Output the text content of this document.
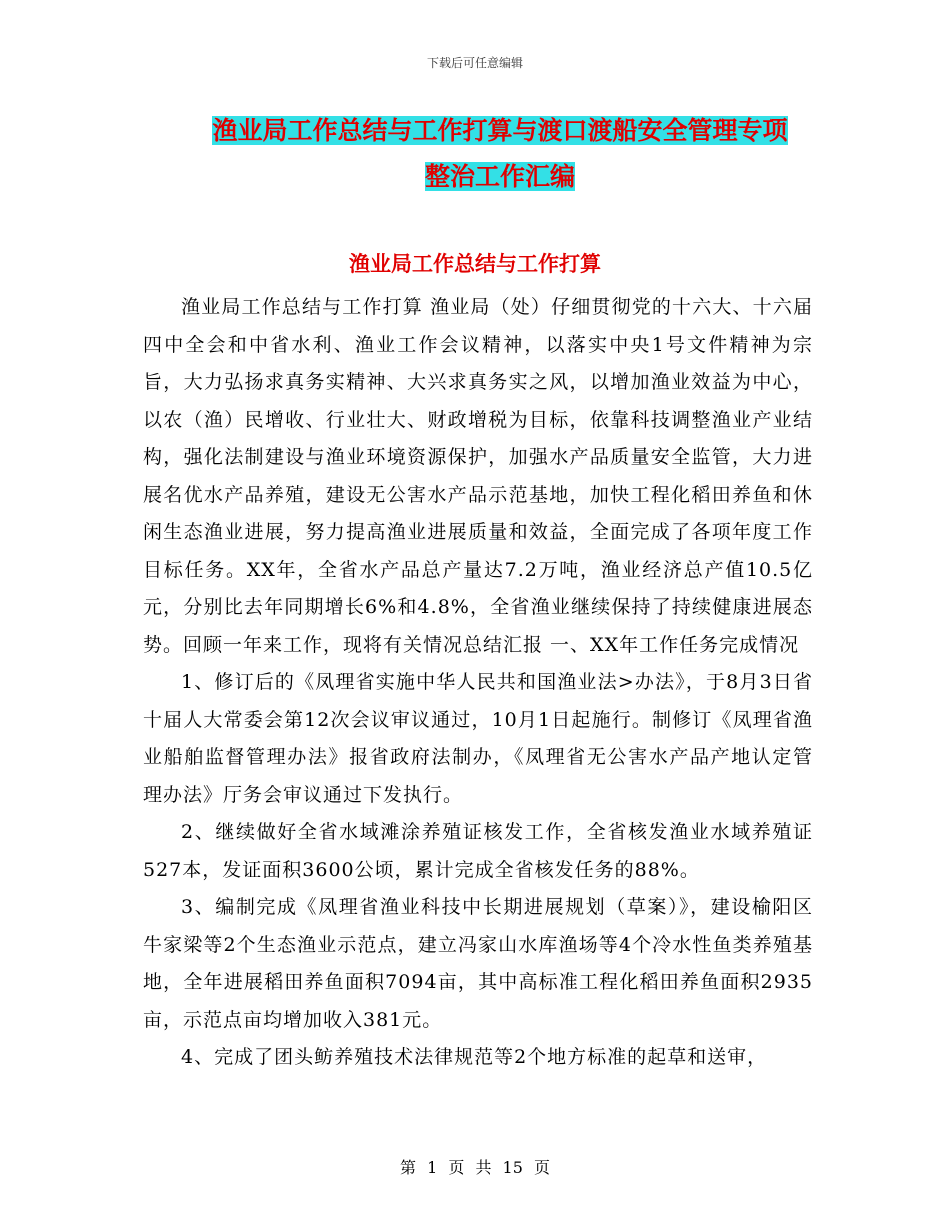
下载后可任意编辑
渔业局工作总结与工作打算与渡口渡船安全管理专项
整治工作汇编
渔业局工作总结与工作打算

渔业局工作总结与工作打算 渔业局（处）仔细贯彻党的十六大、十六届四中全会和中省水利、渔业工作会议精神，以落实中央1号文件精神为宗旨，大力弘扬求真务实精神、大兴求真务实之风，以增加渔业效益为中心，以农（渔）民增收、行业壮大、财政增税为目标，依靠科技调整渔业产业结构，强化法制建设与渔业环境资源保护，加强水产品质量安全监管，大力进展名优水产品养殖，建设无公害水产品示范基地，加快工程化稻田养鱼和休闲生态渔业进展，努力提高渔业进展质量和效益，全面完成了各项年度工作目标任务。XX年，全省水产品总产量达7.2万吨，渔业经济总产值10.5亿元，分别比去年同期增长6%和4.8%，全省渔业继续保持了持续健康进展态势。回顾一年来工作，现将有关情况总结汇报 一、XX年工作任务完成情况

1、修订后的《凤理省实施中华人民共和国渔业法>办法》，于8月3日省十届人大常委会第12次会议审议通过，10月1日起施行。制修订《凤理省渔业船舶监督管理办法》报省政府法制办，《凤理省无公害水产品产地认定管理办法》厅务会审议通过下发执行。

2、继续做好全省水域滩涂养殖证核发工作，全省核发渔业水域养殖证527本，发证面积3600公顷，累计完成全省核发任务的88%。

3、编制完成《凤理省渔业科技中长期进展规划（草案）》，建设榆阳区牛家梁等2个生态渔业示范点，建立冯家山水库渔场等4个冷水性鱼类养殖基地，全年进展稻田养鱼面积7094亩，其中高标准工程化稻田养鱼面积2935亩，示范点亩均增加收入381元。

4、完成了团头鲂养殖技术法律规范等2个地方标准的起草和送审，

第 1 页 共 15 页
